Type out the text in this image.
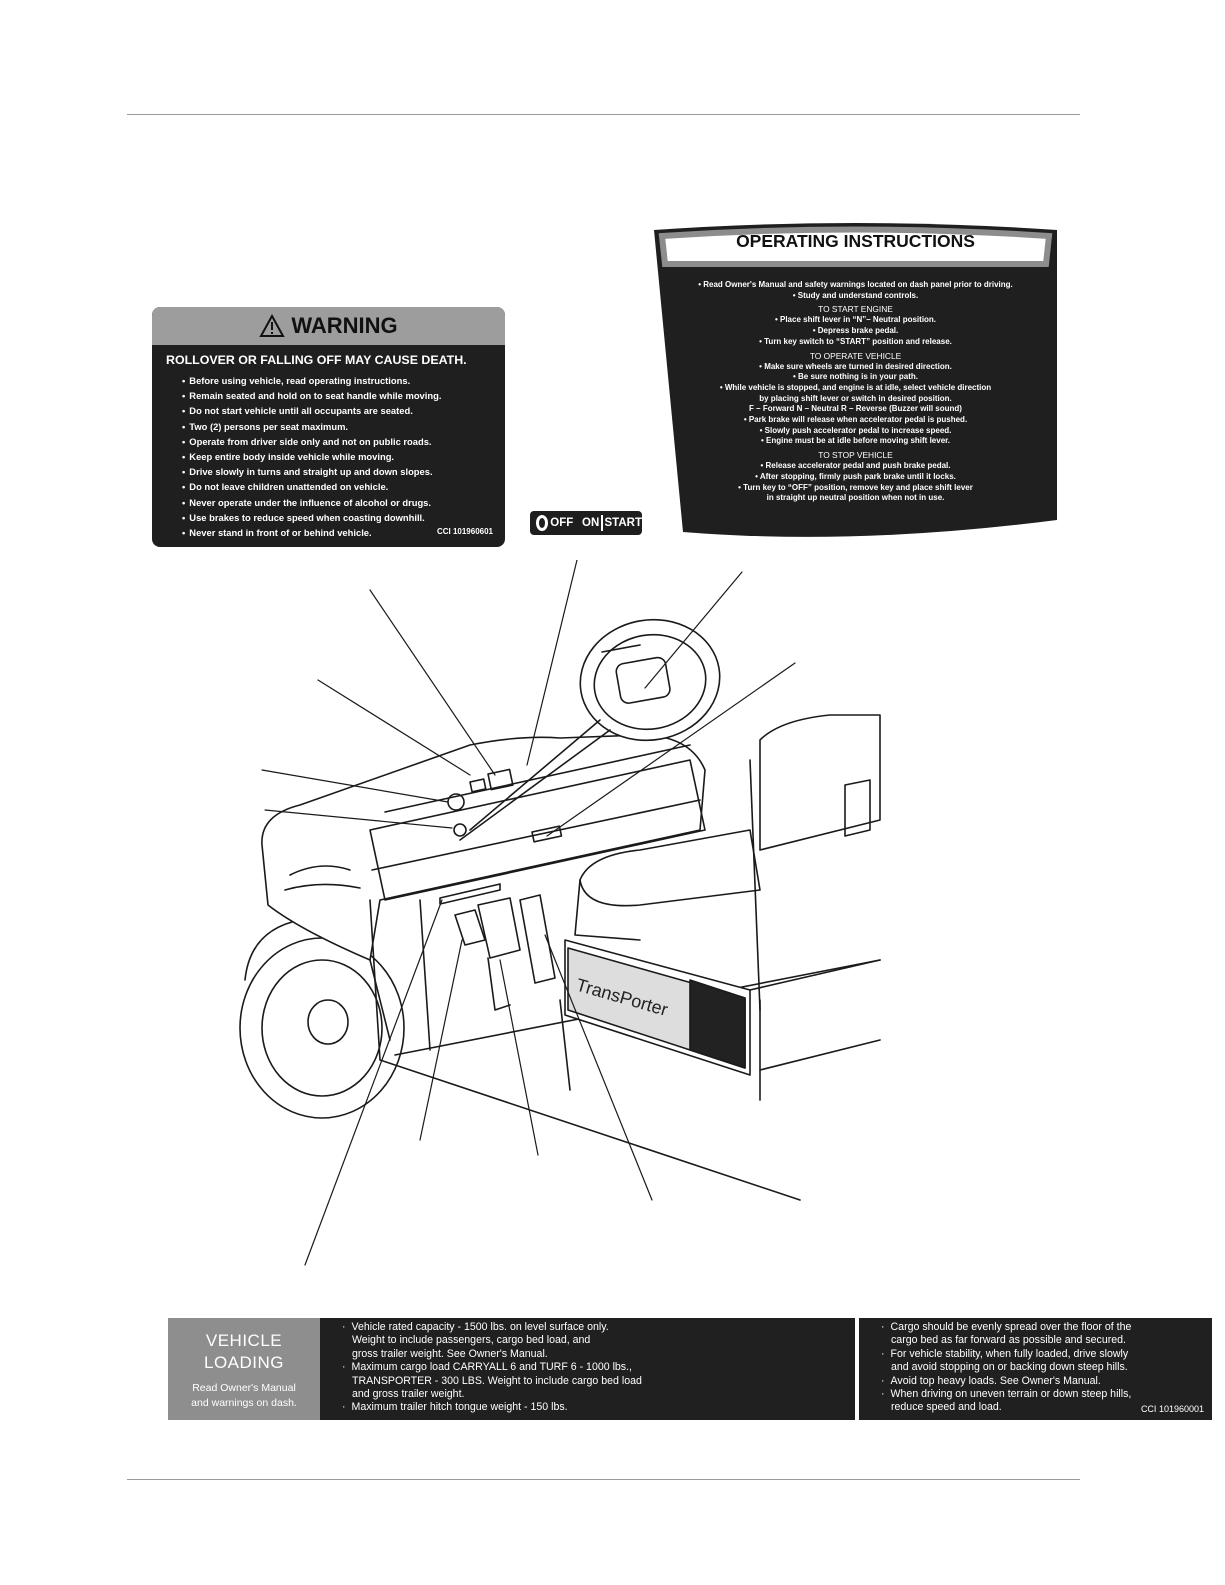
WARNING
ROLLOVER OR FALLING OFF MAY CAUSE DEATH.
• Before using vehicle, read operating instructions.
• Remain seated and hold on to seat handle while moving.
• Do not start vehicle until all occupants are seated.
• Two (2) persons per seat maximum.
• Operate from driver side only and not on public roads.
• Keep entire body inside vehicle while moving.
• Drive slowly in turns and straight up and down slopes.
• Do not leave children unattended on vehicle.
• Never operate under the influence of alcohol or drugs.
• Use brakes to reduce speed when coasting downhill.
• Never stand in front of or behind vehicle.	CCI 101960601
OFF ON START
OPERATING INSTRUCTIONS
• Read Owner's Manual and safety warnings located on dash panel prior to driving.
• Study and understand controls.
TO START ENGINE
• Place shift lever in “N”– Neutral position.
• Depress brake pedal.
• Turn key switch to “START” position and release.
TO OPERATE VEHICLE
• Make sure wheels are turned in desired direction.
• Be sure nothing is in your path.
• While vehicle is stopped, and engine is at idle, select vehicle direction
by placing shift lever or switch in desired position.
F – Forward N – Neutral R – Reverse (Buzzer will sound)
• Park brake will release when accelerator pedal is pushed.
• Slowly push accelerator pedal to increase speed.
• Engine must be at idle before moving shift lever.
TO STOP VEHICLE
• Release accelerator pedal and push brake pedal.
• After stopping, firmly push park brake until it locks.
• Turn key to “OFF” position, remove key and place shift lever
in straight up neutral position when not in use.
TransPorter
VEHICLE
LOADING
Read Owner's Manual
and warnings on dash.
· Vehicle rated capacity - 1500 lbs. on level surface only.
Weight to include passengers, cargo bed load, and
gross trailer weight. See Owner's Manual.
· Maximum cargo load CARRYALL 6 and TURF 6 - 1000 lbs.,
TRANSPORTER - 300 LBS. Weight to include cargo bed load
and gross trailer weight.
· Maximum trailer hitch tongue weight - 150 lbs.
· Cargo should be evenly spread over the floor of the
cargo bed as far forward as possible and secured.
· For vehicle stability, when fully loaded, drive slowly
and avoid stopping on or backing down steep hills.
· Avoid top heavy loads. See Owner's Manual.
· When driving on uneven terrain or down steep hills,
reduce speed and load.	CCI 101960001
